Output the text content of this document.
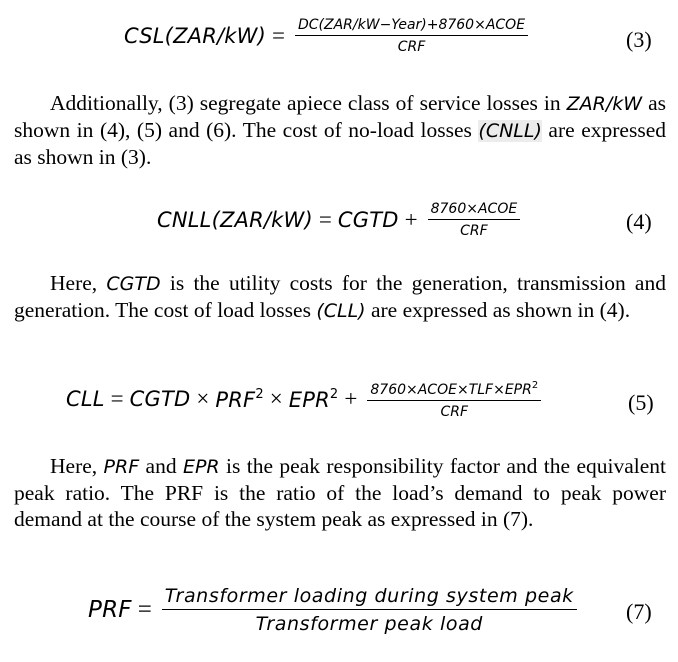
$CSL(ZAR/kW) = \frac{\text{DC(ZAR/kW−Year)+8760×ACOE}}{\text{CRF}}$	(3)

Additionally, (3) segregate apiece class of service losses in ZAR/kW as shown in (4), (5) and (6). The cost of no-load losses (CNLL) are expressed as shown in (3).

CNLL(ZAR/kW) = CGTD + $\frac{\text{8760×ACOE}}{\text{CRF}}$	(4)

Here, CGTD is the utility costs for the generation, transmission and generation. The cost of load losses (CLL) are expressed as shown in (4).

CLL = CGTD × $PRF^2 \times EPR^2 + \frac{8760\times ACOE\times TLF\times EPR^2}{\text{CRF}}$	(5)

Here, PRF and EPR is the peak responsibility factor and the equivalent peak ratio. The PRF is the ratio of the load’s demand to peak power demand at the course of the system peak as expressed in (7).

PRF = $\frac{\text{Transformer loading during system peak}}{\text{Transformer peak load}} (7)$
